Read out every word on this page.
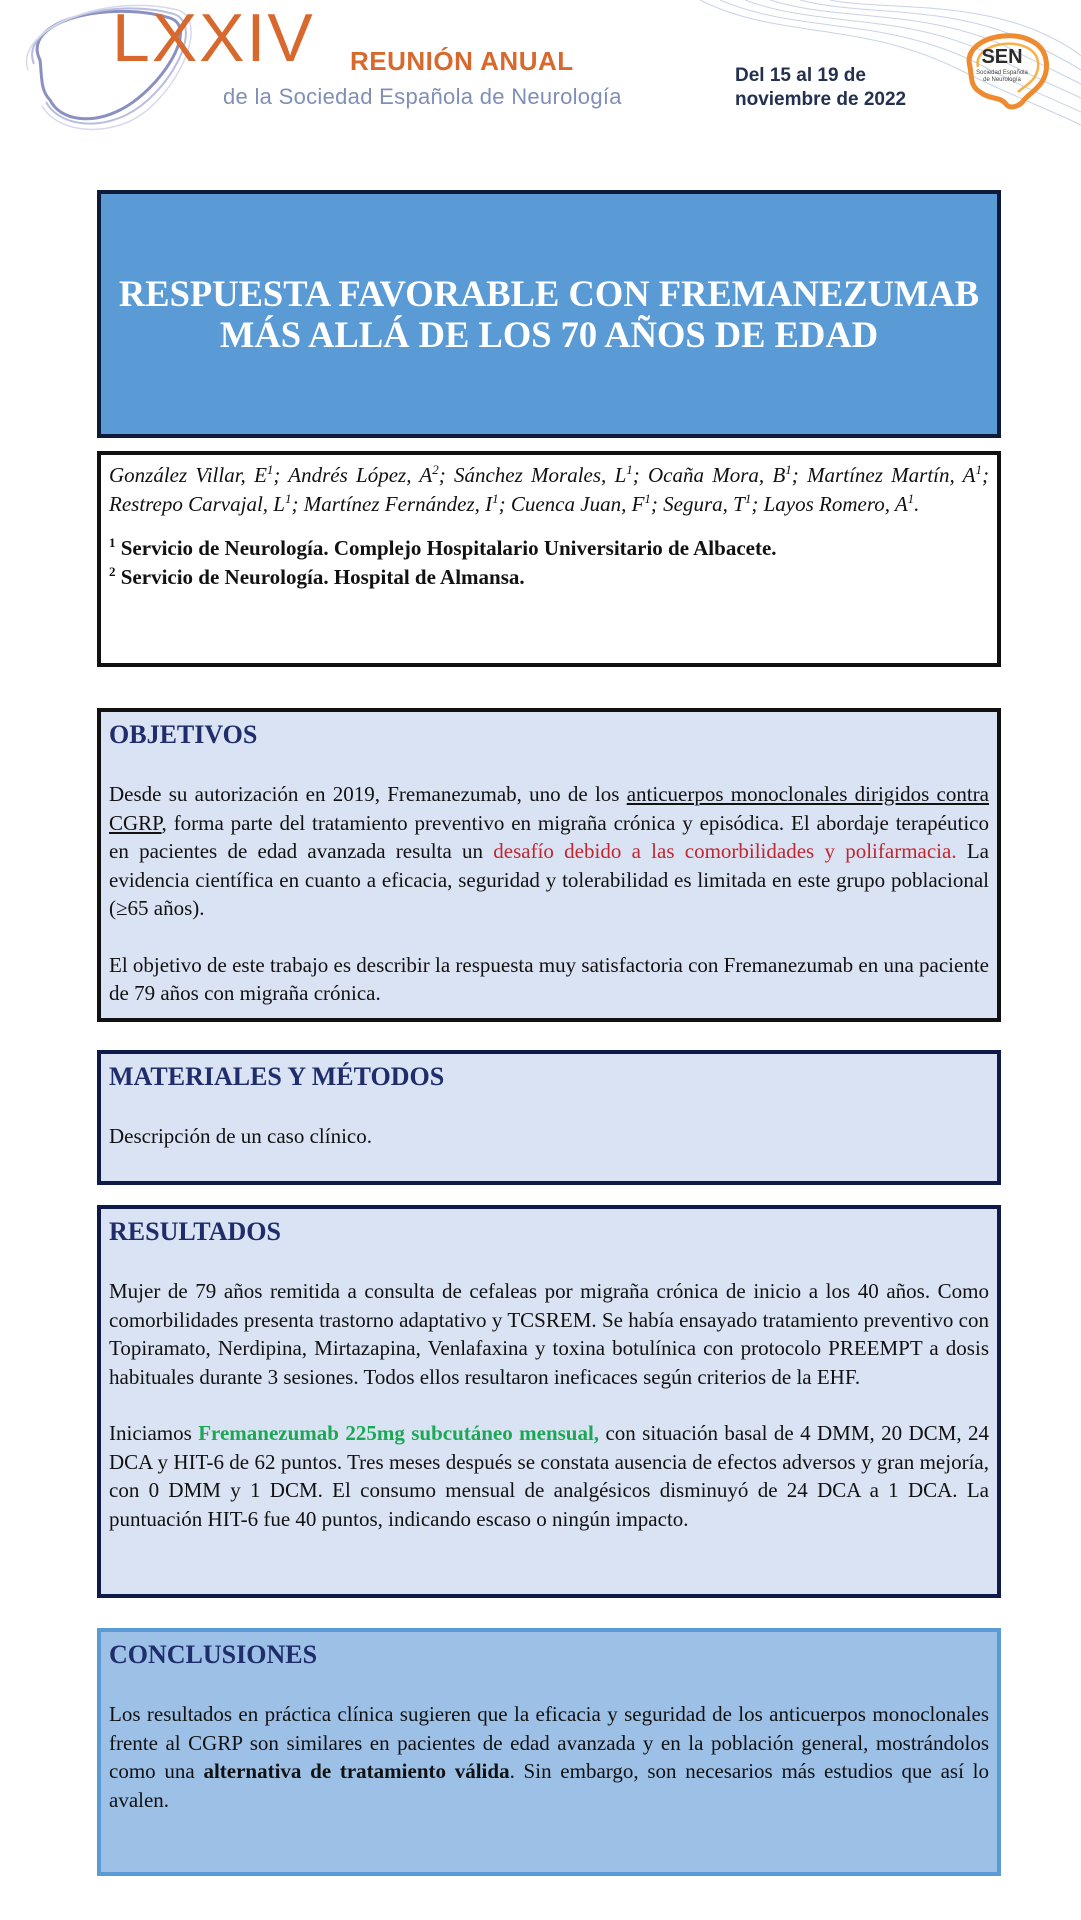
LXXIV REUNIÓN ANUAL
de la Sociedad Española de Neurología
Del 15 al 19 de
noviembre de 2022
SEN
Sociedad Española de Neurología
RESPUESTA FAVORABLE CON FREMANEZUMAB MÁS ALLÁ DE LOS 70 AÑOS DE EDAD

González Villar, $E^1$; Andrés López, $A^2$; Sánchez Morales, $L^1$; Ocaña Mora, $B^1$; Martínez Martín, $A^1$; Restrepo Carvajal, $L^1$; Martínez Fernández, $I^1$; Cuenca Juan, $F^1$; Segura, $T^1$; Layos Romero, $A^1$.

$^1$ Servicio de Neurología. Complejo Hospitalario Universitario de Albacete.
$^2$ Servicio de Neurología. Hospital de Almansa.
OBJETIVOS

Desde su autorización en 2019, Fremanezumab, uno de los anticuerpos monoclonales dirigidos contra CGRP, forma parte del tratamiento preventivo en migraña crónica y episódica. El abordaje terapéutico en pacientes de edad avanzada resulta un desafío debido a las comorbilidades y polifarmacia. La evidencia científica en cuanto a eficacia, seguridad y tolerabilidad es limitada en este grupo poblacional (≥65 años).

El objetivo de este trabajo es describir la respuesta muy satisfactoria con Fremanezumab en una paciente de 79 años con migraña crónica.

MATERIALES Y MÉTODOS

Descripción de un caso clínico.

RESULTADOS

Mujer de 79 años remitida a consulta de cefaleas por migraña crónica de inicio a los 40 años. Como comorbilidades presenta trastorno adaptativo y TCSREM. Se había ensayado tratamiento preventivo con Topiramato, Nerdipina, Mirtazapina, Venlafaxina y toxina botulínica con protocolo PREEMPT a dosis habituales durante 3 sesiones. Todos ellos resultaron ineficaces según criterios de la EHF.

Iniciamos Fremanezumab 225mg subcutáneo mensual, con situación basal de 4 DMM, 20 DCM, 24 DCA y HIT-6 de 62 puntos. Tres meses después se constata ausencia de efectos adversos y gran mejoría, con 0 DMM y 1 DCM. El consumo mensual de analgésicos disminuyó de 24 DCA a 1 DCA. La puntuación HIT-6 fue 40 puntos, indicando escaso o ningún impacto.

CONCLUSIONES

Los resultados en práctica clínica sugieren que la eficacia y seguridad de los anticuerpos monoclonales frente al CGRP son similares en pacientes de edad avanzada y en la población general, mostrándolos como una alternativa de tratamiento válida. Sin embargo, son necesarios más estudios que así lo avalen.
